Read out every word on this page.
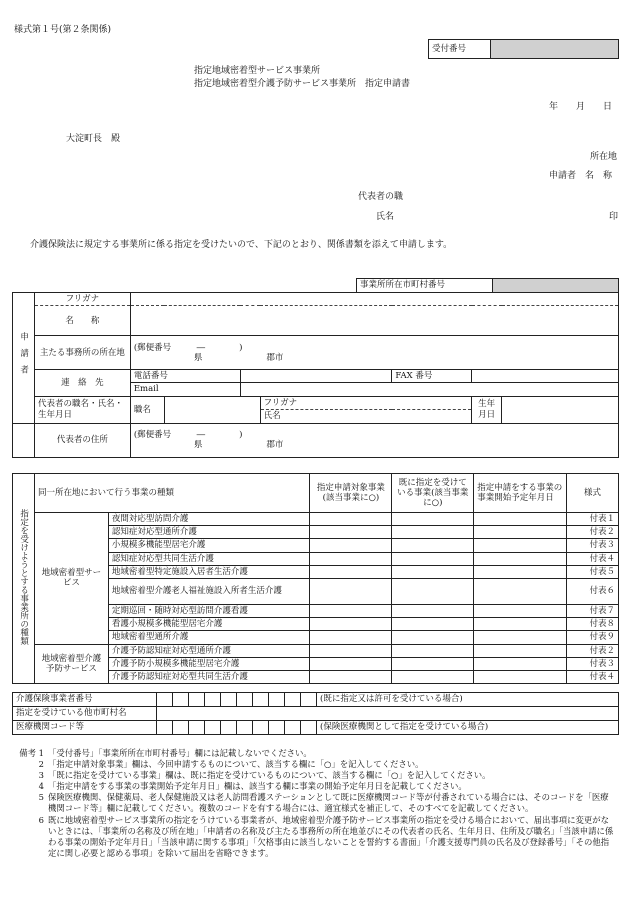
様式第１号(第２条関係)
受付番号	
指定地域密着型サービス事業所
指定地域密着型介護予防サービス事業所　指定申請書
年　　月　　日
大淀町長　殿
所在地
申請者　名　称
代表者の職
氏名	印
介護保険法に規定する事業所に係る指定を受けたいので、下記のとおり、関係書類を添えて申請します。
事業所所在市町村番号	
申請者	フリガナ							
	名　　称							
	主たる事務所の所在地	(郵便番号　　　―　　　　)
県 郡市						

	連　絡　先	電話番号				FAX 番号		
		Email						
	代表者の職名・氏名・生年月日	職名			フリガナ		生年月日	
					氏名			
	代表者の住所	(郵便番号　　　―　　　　)
県 郡市						
指定を受けようとする事業所の種類	同一所在地において行う事業の種類		指定申請対象事業(該当事業に○)	既に指定を受けている事業(該当事業に○)	指定申請をする事業の事業開始予定年月日	様式
	地域密着型サービス	夜間対応型訪問介護				付表１
		認知症対応型通所介護				付表２
		小規模多機能型居宅介護				付表３
		認知症対応型共同生活介護				付表４
		地域密着型特定施設入居者生活介護				付表５
		地域密着型介護老人福祉施設入所者生活介護				付表６
		定期巡回・随時対応型訪問介護看護				付表７
		看護小規模多機能型居宅介護				付表８
		地域密着型通所介護				付表９
	地域密着型介護予防サービス	介護予防認知症対応型通所介護				付表２
		介護予防小規模多機能型居宅介護				付表３
		介護予防認知症対応型共同生活介護				付表４
介護保険事業者番号											(既に指定又は許可を受けている場合)
指定を受けている他市町村名											
医療機関コード等											(保険医療機関として指定を受けている場合)
備考 1 「受付番号」「事業所所在市町村番号」欄には記載しないでください。
2 「指定申請対象事業」欄は、今回申請するものについて、該当する欄に「○」を記入してください。
3 「既に指定を受けている事業」欄は、既に指定を受けているものについて、該当する欄に「○」を記入してください。
4 「指定申請をする事業の事業開始予定年月日」欄は、該当する欄に事業の開始予定年月日を記載してください。
5 保険医療機関、保健薬局、老人保健施設又は老人訪問看護ステーションとして既に医療機関コード等が付番されている場合には、そのコードを「医療機関コード等」欄に記載してください。複数のコードを有する場合には、適宜様式を補正して、そのすべてを記載してください。
6 既に地域密着型サービス事業所の指定をうけている事業者が、地域密着型介護予防サービス事業所の指定を受ける場合において、届出事項に変更がないときには、「事業所の名称及び所在地」「申請者の名称及び主たる事務所の所在地並びにその代表者の氏名、生年月日、住所及び職名」「当該申請に係わる事業の開始予定年月日」「当該申請に関する事項」「欠格事由に該当しないことを誓約する書面」「介護支援専門員の氏名及び登録番号」「その他指定に関し必要と認める事項」を除いて届出を省略できます。
